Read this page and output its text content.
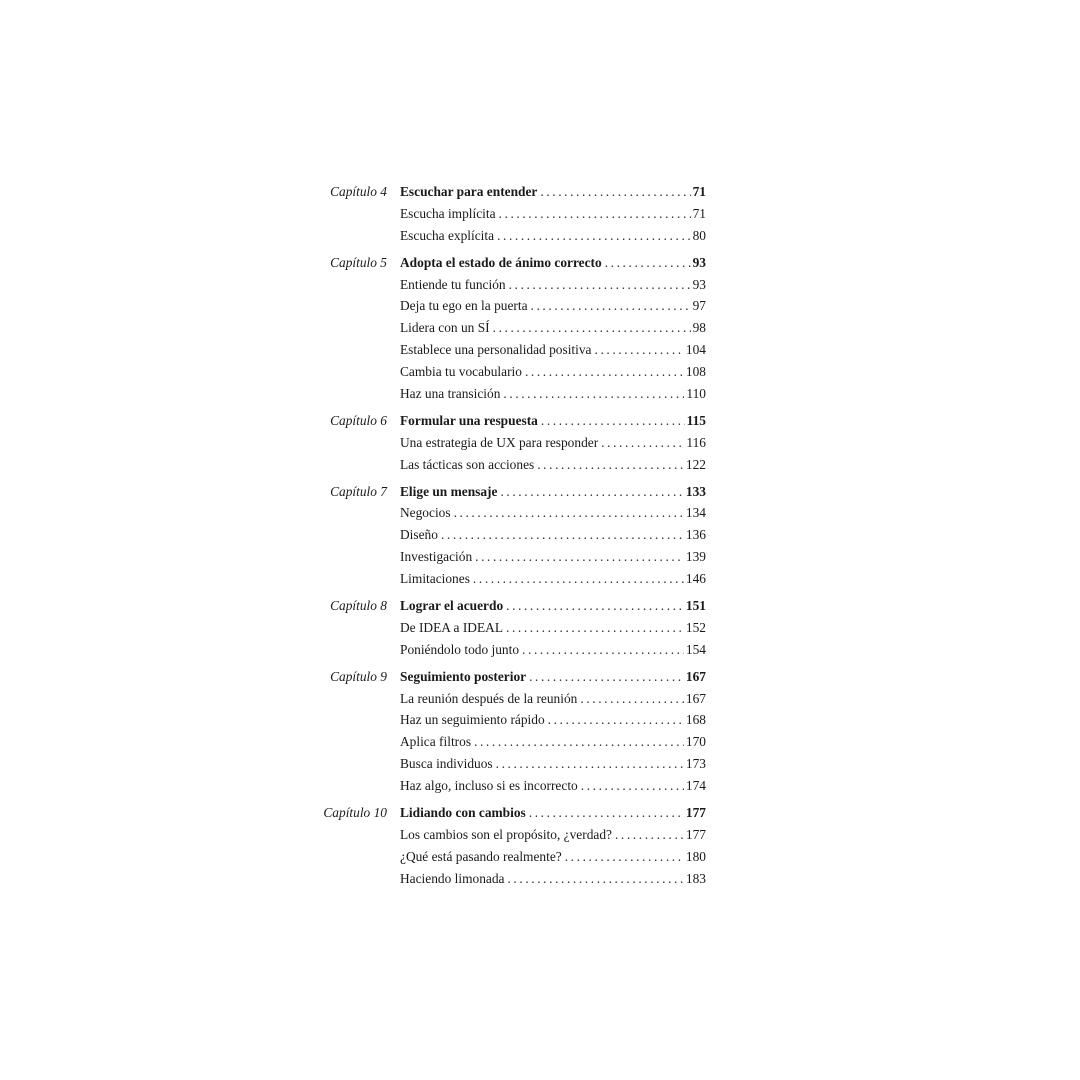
Capítulo 4 Escuchar para entender .....	71
Escucha implícita .....	71
Escucha explícita .....	80
Capítulo 5 Adopta el estado de ánimo correcto .....	93
Entiende tu función .....	93
Deja tu ego en la puerta .....	97
Lidera con un SÍ .....	98
Establece una personalidad positiva .....	104
Cambia tu vocabulario .....	108
Haz una transición .....	110
Capítulo 6 Formular una respuesta .....	115
Una estrategia de UX para responder .....	116
Las tácticas son acciones .....	122
Capítulo 7 Elige un mensaje .....	133
Negocios .....	134
Diseño .....	136
Investigación .....	139
Limitaciones .....	146
Capítulo 8 Lograr el acuerdo .....	151
De IDEA a IDEAL .....	152
Poniéndolo todo junto .....	154
Capítulo 9 Seguimiento posterior .....	167
La reunión después de la reunión .....	167
Haz un seguimiento rápido .....	168
Aplica filtros .....	170
Busca individuos .....	173
Haz algo, incluso si es incorrecto .....	174
Capítulo 10 Lidiando con cambios .....	177
Los cambios son el propósito, ¿verdad? .....	177
¿Qué está pasando realmente? .....	180
Haciendo limonada .....	183
